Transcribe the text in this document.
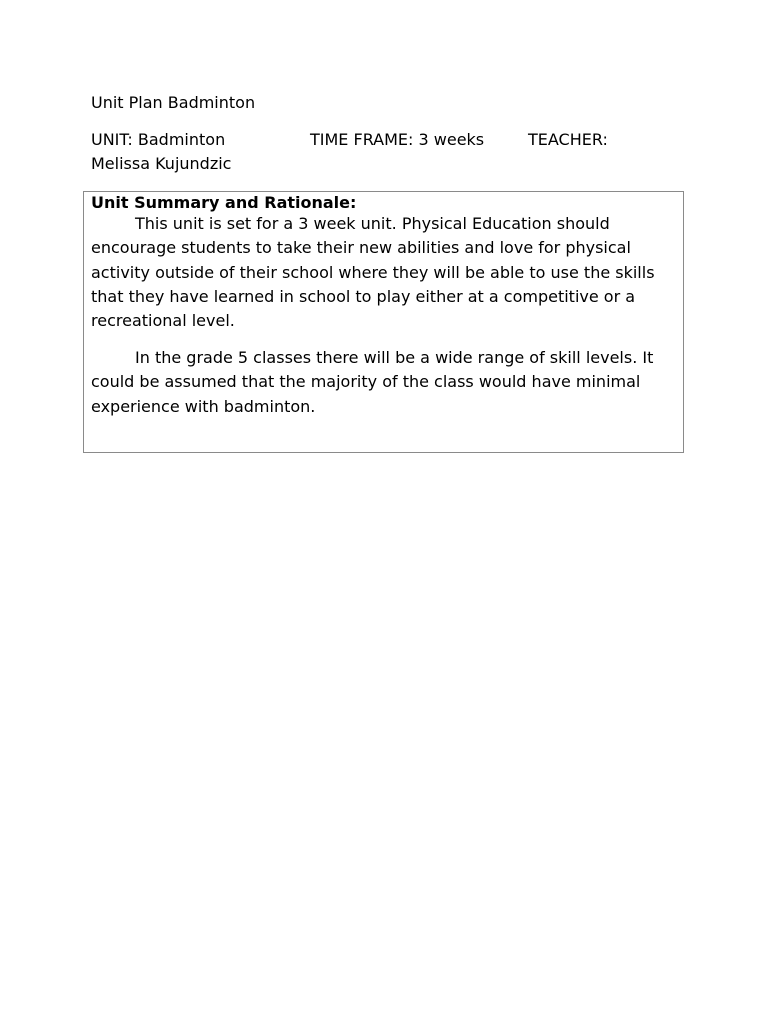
Unit Plan Badminton
UNIT: Badminton	TIME FRAME: 3 weeks	TEACHER:
Melissa Kujundzic
Unit Summary and Rationale:

This unit is set for a 3 week unit. Physical Education should encourage students to take their new abilities and love for physical activity outside of their school where they will be able to use the skills that they have learned in school to play either at a competitive or a recreational level.

In the grade 5 classes there will be a wide range of skill levels. It could be assumed that the majority of the class would have minimal experience with badminton.
